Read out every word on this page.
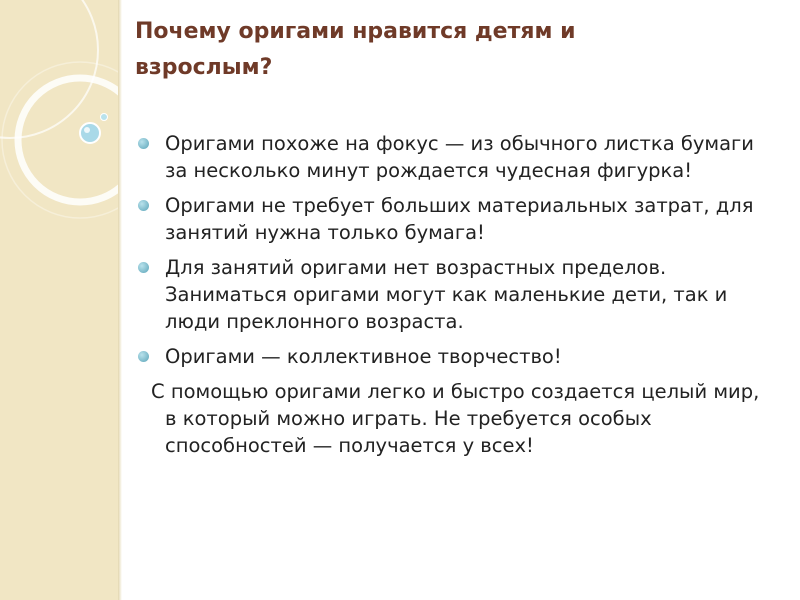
Почему оригами нравится детям и взрослым?
Оригами похоже на фокус — из обычного листка бумаги за несколько минут рождается чудесная фигурка!
Оригами не требует больших материальных затрат, для занятий нужна только бумага!
Для занятий оригами нет возрастных пределов. Заниматься оригами могут как маленькие дети, так и люди преклонного возраста.
Оригами — коллективное творчество!
С помощью оригами легко и быстро создается целый мир, в который можно играть. Не требуется особых способностей — получается у всех!
